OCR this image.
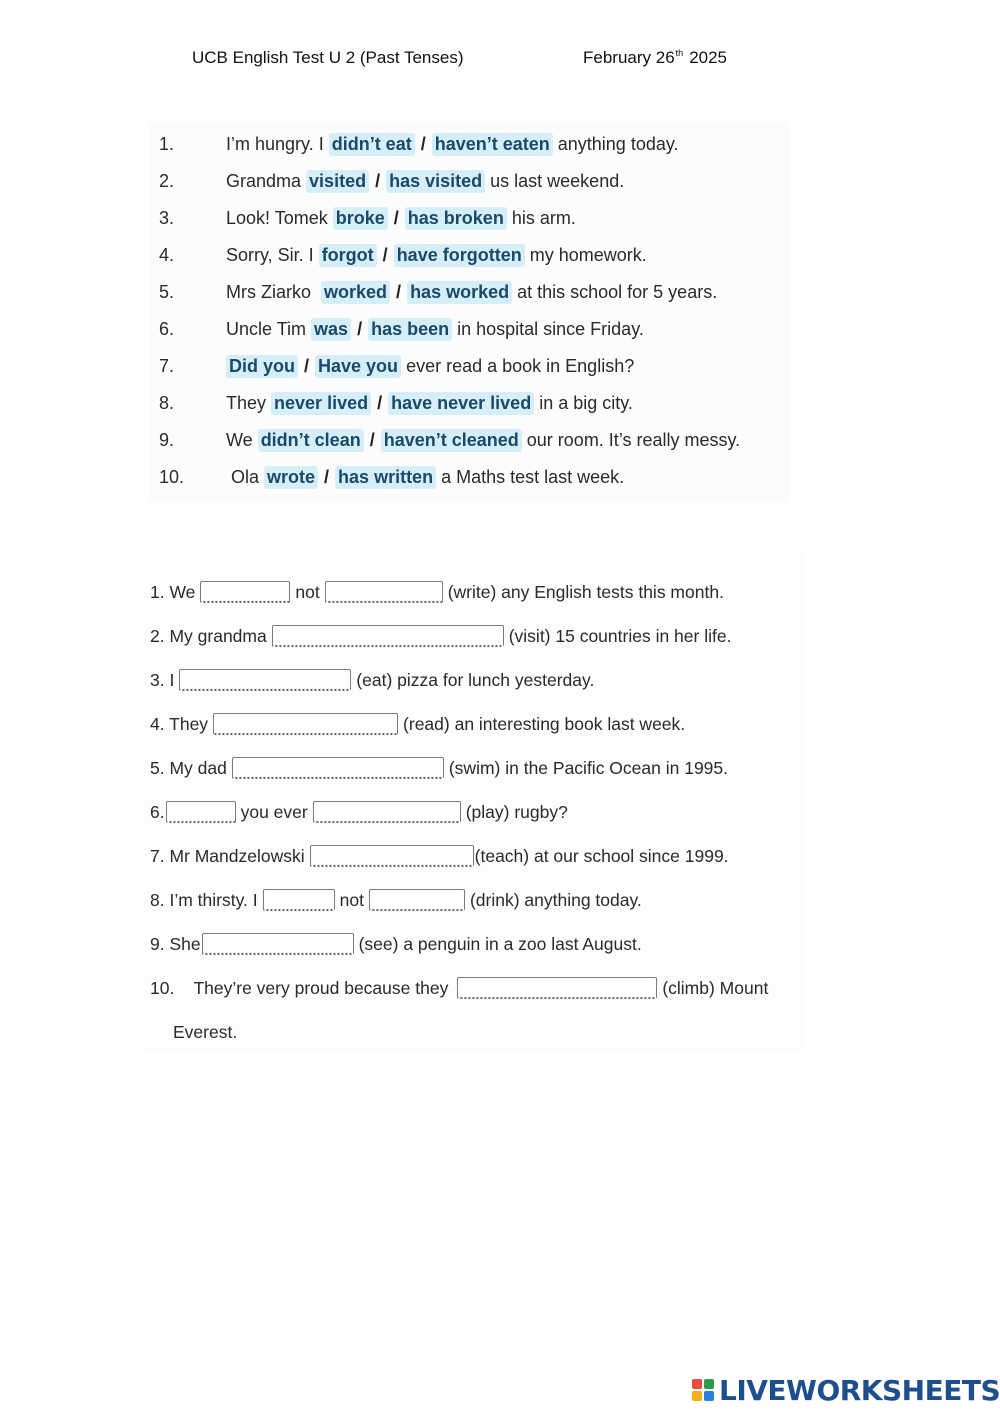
UCB English Test U 2 (Past Tenses)	February 26th 2025
1.	I’m hungry. I didn’t eat / haven’t eaten anything today.
2.	Grandma visited / has visited us last weekend.
3.	Look! Tomek broke / has broken his arm.
4.	Sorry, Sir. I forgot / have forgotten my homework.
5.	Mrs Ziarko worked / has worked at this school for 5 years.
6.	Uncle Tim was / has been in hospital since Friday.
7.	Did you / Have you ever read a book in English?
8.	They never lived / have never lived in a big city.
9.	We didn’t clean / haven’t cleaned our room. It’s really messy.
10.	Ola wrote / has written a Maths test last week.
1. We	not	(write) any English tests this month.
2. My grandma	(visit) 15 countries in her life.
3. I	(eat) pizza for lunch yesterday.
4. They	(read) an interesting book last week.
5. My dad	(swim) in the Pacific Ocean in 1995.
6.	you ever	(play) rugby?
7. Mr Mandzelowski	(teach) at our school since 1999.
8. I’m thirsty. I	not	(drink) anything today.
9. She	(see) a penguin in a zoo last August.
10.    They’re very proud because they	(climb) Mount
Everest.
LIVEWORKSHEETS
